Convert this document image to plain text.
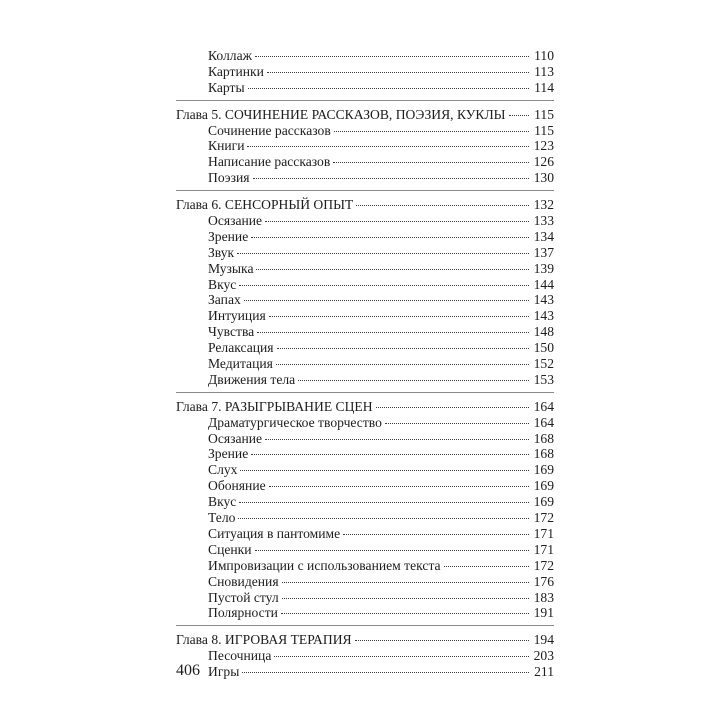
Коллаж	110
Картинки	113
Карты	114
Глава 5. СОЧИНЕНИЕ РАССКАЗОВ, ПОЭЗИЯ, КУКЛЫ 115
Сочинение рассказов	115
Книги	123
Написание рассказов	126
Поэзия	130
Глава 6. СЕНСОРНЫЙ ОПЫТ	132
Осязание	133
Зрение	134
Звук	137
Музыка	139
Вкус	144
Запах	143
Интуиция	143
Чувства	148
Релаксация	150
Медитация	152
Движения тела	153
Глава 7. РАЗЫГРЫВАНИЕ СЦЕН	164
Драматургическое творчество	164
Осязание	168
Зрение	168
Слух	169
Обоняние	169
Вкус	169
Тело	172
Ситуация в пантомиме	171
Сценки	171
Импровизации с использованием текста	172
Сновидения	176
Пустой стул	183
Полярности	191
Глава 8. ИГРОВАЯ ТЕРАПИЯ	194
Песочница	203
Игры	211
406
